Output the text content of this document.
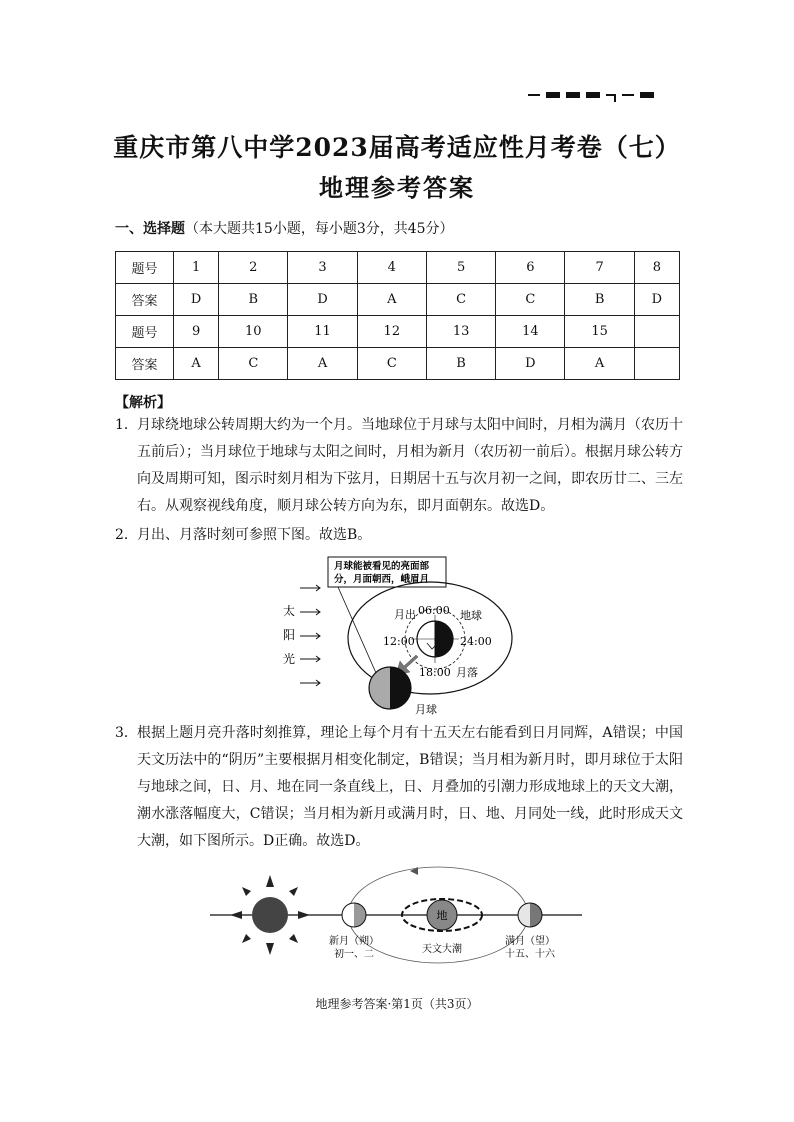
重庆市第八中学2023届高考适应性月考卷（七）
地理参考答案
一、选择题（本大题共15小题，每小题3分，共45分）
题号	1	2	3	4	5	6	7	8
答案	D	B	D	A	C	C	B	D
题号	9	10	11	12	13	14	15	
答案	A	C	A	C	B	D	A	
【解析】
1． 月球绕地球公转周期大约为一个月。当地球位于月球与太阳中间时，月相为满月（农历十五前后）；当月球位于地球与太阳之间时，月相为新月（农历初一前后）。根据月球公转方向及周期可知，图示时刻月相为下弦月，日期居十五与次月初一之间，即农历廿二、三左右。从观察视线角度，顺月球公转方向为东，即月面朝东。故选D。
2． 月出、月落时刻可参照下图。故选B。
月球能被看见的亮面部
分，月面朝西，峨眉月
太
阳
光
月出 06:00 地球
12:00	24:00
18:00 月落
月球
3． 根据上题月亮升落时刻推算，理论上每个月有十五天左右能看到日月同辉，A错误；中国天文历法中的“阴历”主要根据月相变化制定，B错误；当月相为新月时，即月球位于太阳与地球之间，日、月、地在同一条直线上，日、月叠加的引潮力形成地球上的天文大潮，潮水涨落幅度大，C错误；当月相为新月或满月时，日、地、月同处一线，此时形成天文大潮，如下图所示。D正确。故选D。
地
新月（朔）
初一、二	天文大潮
满月（望）
十五、十六
地理参考答案·第1页（共3页）
